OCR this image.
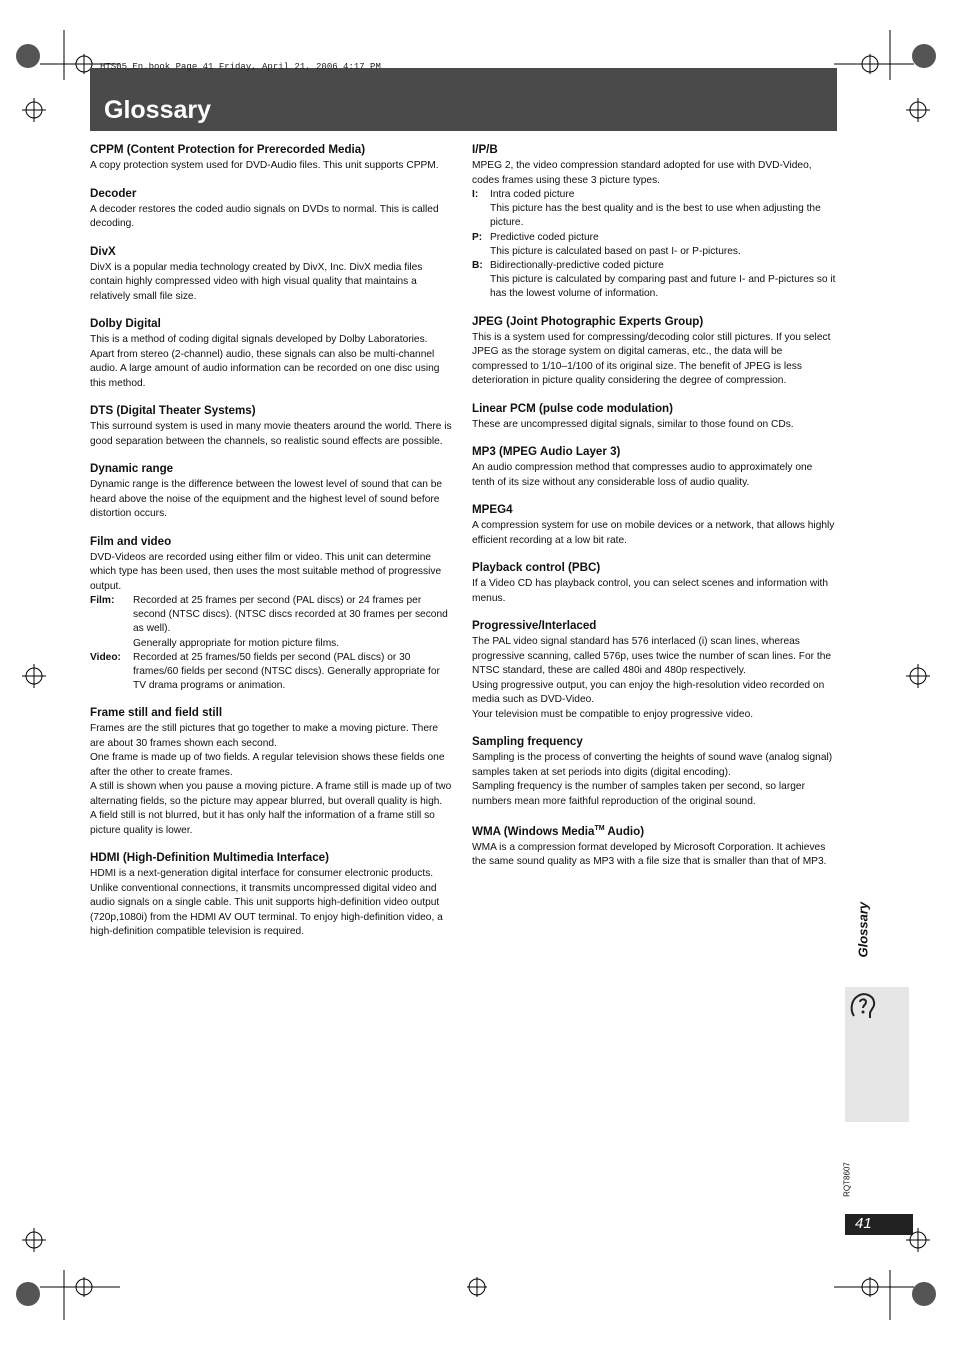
HTS05_En.book Page 41 Friday, April 21, 2006 4:17 PM
Glossary
CPPM (Content Protection for Prerecorded Media)

A copy protection system used for DVD-Audio files. This unit supports CPPM.

Decoder

A decoder restores the coded audio signals on DVDs to normal. This is called decoding.

DivX

DivX is a popular media technology created by DivX, Inc. DivX media files contain highly compressed video with high visual quality that maintains a relatively small file size.

Dolby Digital

This is a method of coding digital signals developed by Dolby Laboratories. Apart from stereo (2-channel) audio, these signals can also be multi-channel audio. A large amount of audio information can be recorded on one disc using this method.

DTS (Digital Theater Systems)

This surround system is used in many movie theaters around the world. There is good separation between the channels, so realistic sound effects are possible.

Dynamic range

Dynamic range is the difference between the lowest level of sound that can be heard above the noise of the equipment and the highest level of sound before distortion occurs.

Film and video

DVD-Videos are recorded using either film or video. This unit can determine which type has been used, then uses the most suitable method of progressive output.

Film:	Recorded at 25 frames per second (PAL discs) or 24 frames per second (NTSC discs). (NTSC discs recorded at 30 frames per second as well).
Generally appropriate for motion picture films.
Video:	Recorded at 25 frames/50 fields per second (PAL discs) or 30 frames/60 fields per second (NTSC discs). Generally appropriate for TV drama programs or animation.
Frame still and field still

Frames are the still pictures that go together to make a moving picture. There are about 30 frames shown each second.

One frame is made up of two fields. A regular television shows these fields one after the other to create frames.

A still is shown when you pause a moving picture. A frame still is made up of two alternating fields, so the picture may appear blurred, but overall quality is high.

A field still is not blurred, but it has only half the information of a frame still so picture quality is lower.

HDMI (High-Definition Multimedia Interface)

HDMI is a next-generation digital interface for consumer electronic products. Unlike conventional connections, it transmits uncompressed digital video and audio signals on a single cable. This unit supports high-definition video output (720p,1080i) from the HDMI AV OUT terminal. To enjoy high-definition video, a high-definition compatible television is required.

I/P/B

MPEG 2, the video compression standard adopted for use with DVD-Video, codes frames using these 3 picture types.

I:	Intra coded picture
This picture has the best quality and is the best to use when adjusting the picture.
P: Predictive coded picture
This picture is calculated based on past I- or P-pictures.
B: Bidirectionally-predictive coded picture
This picture is calculated by comparing past and future I- and P-pictures so it has the lowest volume of information.
JPEG (Joint Photographic Experts Group)

This is a system used for compressing/decoding color still pictures. If you select JPEG as the storage system on digital cameras, etc., the data will be compressed to 1/10–1/100 of its original size. The benefit of JPEG is less deterioration in picture quality considering the degree of compression.

Linear PCM (pulse code modulation)

These are uncompressed digital signals, similar to those found on CDs.

MP3 (MPEG Audio Layer 3)

An audio compression method that compresses audio to approximately one tenth of its size without any considerable loss of audio quality.

MPEG4

A compression system for use on mobile devices or a network, that allows highly efficient recording at a low bit rate.

Playback control (PBC)

If a Video CD has playback control, you can select scenes and information with menus.

Progressive/Interlaced

The PAL video signal standard has 576 interlaced (i) scan lines, whereas progressive scanning, called 576p, uses twice the number of scan lines. For the NTSC standard, these are called 480i and 480p respectively.

Using progressive output, you can enjoy the high-resolution video recorded on media such as DVD-Video.

Your television must be compatible to enjoy progressive video.

Sampling frequency

Sampling is the process of converting the heights of sound wave (analog signal) samples taken at set periods into digits (digital encoding).

Sampling frequency is the number of samples taken per second, so larger numbers mean more faithful reproduction of the original sound.

WMA (Windows Media™ Audio)

WMA is a compression format developed by Microsoft Corporation. It achieves the same sound quality as MP3 with a file size that is smaller than that of MP3.

Glossary
RQT8607
41
